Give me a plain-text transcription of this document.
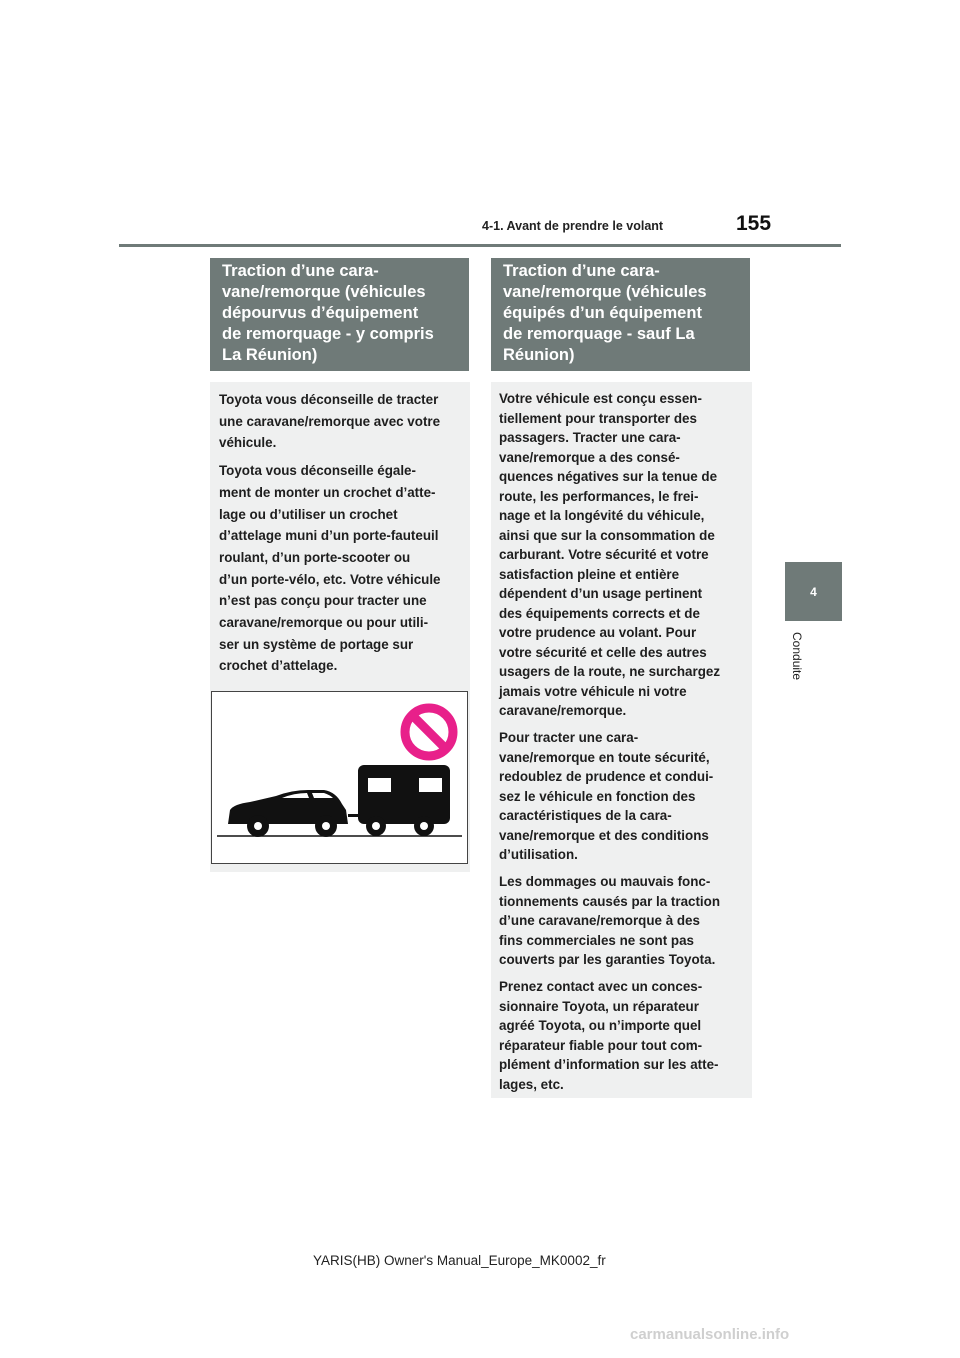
4-1. Avant de prendre le volant	155
4
Conduite
Traction d’une cara-
vane/remorque (véhicules
dépourvus d’équipement
de remorquage - y compris
La Réunion)
Traction d’une cara-
vane/remorque (véhicules
équipés d’un équipement
de remorquage - sauf La
Réunion)

Toyota vous déconseille de tracter
une caravane/remorque avec votre
véhicule.

Toyota vous déconseille égale-
ment de monter un crochet d’atte-
lage ou d’utiliser un crochet
d’attelage muni d’un porte-fauteuil
roulant, d’un porte-scooter ou
d’un porte-vélo, etc. Votre véhicule
n’est pas conçu pour tracter une
caravane/remorque ou pour utili-
ser un système de portage sur
crochet d’attelage.

Votre véhicule est conçu essen-
tiellement pour transporter des
passagers. Tracter une cara-
vane/remorque a des consé-
quences négatives sur la tenue de
route, les performances, le frei-
nage et la longévité du véhicule,
ainsi que sur la consommation de
carburant. Votre sécurité et votre
satisfaction pleine et entière
dépendent d’un usage pertinent
des équipements corrects et de
votre prudence au volant. Pour
votre sécurité et celle des autres
usagers de la route, ne surchargez
jamais votre véhicule ni votre
caravane/remorque.

Pour tracter une cara-
vane/remorque en toute sécurité,
redoublez de prudence et condui-
sez le véhicule en fonction des
caractéristiques de la cara-
vane/remorque et des conditions
d’utilisation.

Les dommages ou mauvais fonc-
tionnements causés par la traction
d’une caravane/remorque à des
fins commerciales ne sont pas
couverts par les garanties Toyota.

Prenez contact avec un conces-
sionnaire Toyota, un réparateur
agréé Toyota, ou n’importe quel
réparateur fiable pour tout com-
plément d’information sur les atte-
lages, etc.

YARIS(HB) Owner's Manual_Europe_MK0002_fr
carmanualsonline.info
